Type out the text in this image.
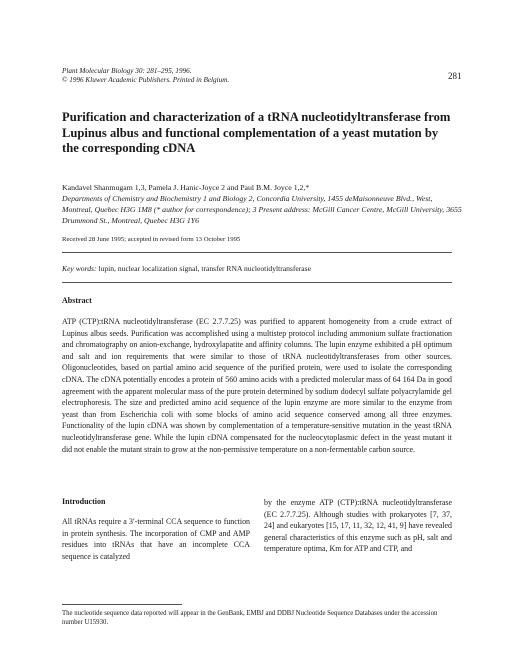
Plant Molecular Biology 30: 281–295, 1996.
© 1996 Kluwer Academic Publishers. Printed in Belgium.	281
Purification and characterization of a tRNA nucleotidyltransferase from
Lupinus albus and functional complementation of a yeast mutation by
the corresponding cDNA
Kandavel Shanmugam 1,3, Pamela J. Hanic-Joyce 2 and Paul B.M. Joyce 1,2,*
Departments of Chemistry and Biochemistry 1 and Biology 2, Concordia University, 1455 deMaisonneuve Blvd., West, Montreal, Quebec H3G 1M8 (* author for correspondence); 3 Present address: McGill Cancer Centre, McGill University, 3655 Drummond St., Montreal, Quebec H3G 1Y6
Received 28 June 1995; accepted in revised form 13 October 1995
Key words: lupin, nuclear localization signal, transfer RNA nucleotidyltransferase
Abstract
ATP (CTP):tRNA nucleotidyltransferase (EC 2.7.7.25) was purified to apparent homogeneity from a crude extract of Lupinus albus seeds. Purification was accomplished using a multistep protocol including ammonium sulfate fractionation and chromatography on anion-exchange, hydroxylapatite and affinity columns. The lupin enzyme exhibited a pH optimum and salt and ion requirements that were similar to those of tRNA nucleotidyltransferases from other sources. Oligonucleotides, based on partial amino acid sequence of the purified protein, were used to isolate the corresponding cDNA. The cDNA potentially encodes a protein of 560 amino acids with a predicted molecular mass of 64 164 Da in good agreement with the apparent molecular mass of the pure protein determined by sodium dodecyl sulfate polyacrylamide gel electrophoresis. The size and predicted amino acid sequence of the lupin enzyme are more similar to the enzyme from yeast than from Escherichia coli with some blocks of amino acid sequence conserved among all three enzymes. Functionality of the lupin cDNA was shown by complementation of a temperature-sensitive mutation in the yeast tRNA nucleotidyltransferase gene. While the lupin cDNA compensated for the nucleocytoplasmic defect in the yeast mutant it did not enable the mutant strain to grow at the non-permissive temperature on a non-fermentable carbon source.
Introduction
All tRNAs require a 3′-terminal CCA sequence to function in protein synthesis. The incorporation of CMP and AMP residues into tRNAs that have an incomplete CCA sequence is catalyzed
by the enzyme ATP (CTP):tRNA nucleotidyltransferase (EC 2.7.7.25). Although studies with prokaryotes [7, 37, 24] and eukaryotes [15, 17, 11, 32, 12, 41, 9] have revealed general characteristics of this enzyme such as pH, salt and temperature optima, Km for ATP and CTP, and
The nucleotide sequence data reported will appear in the GenBank, EMBJ and DDBJ Nucleotide Sequence Databases under the accession number U15930.
